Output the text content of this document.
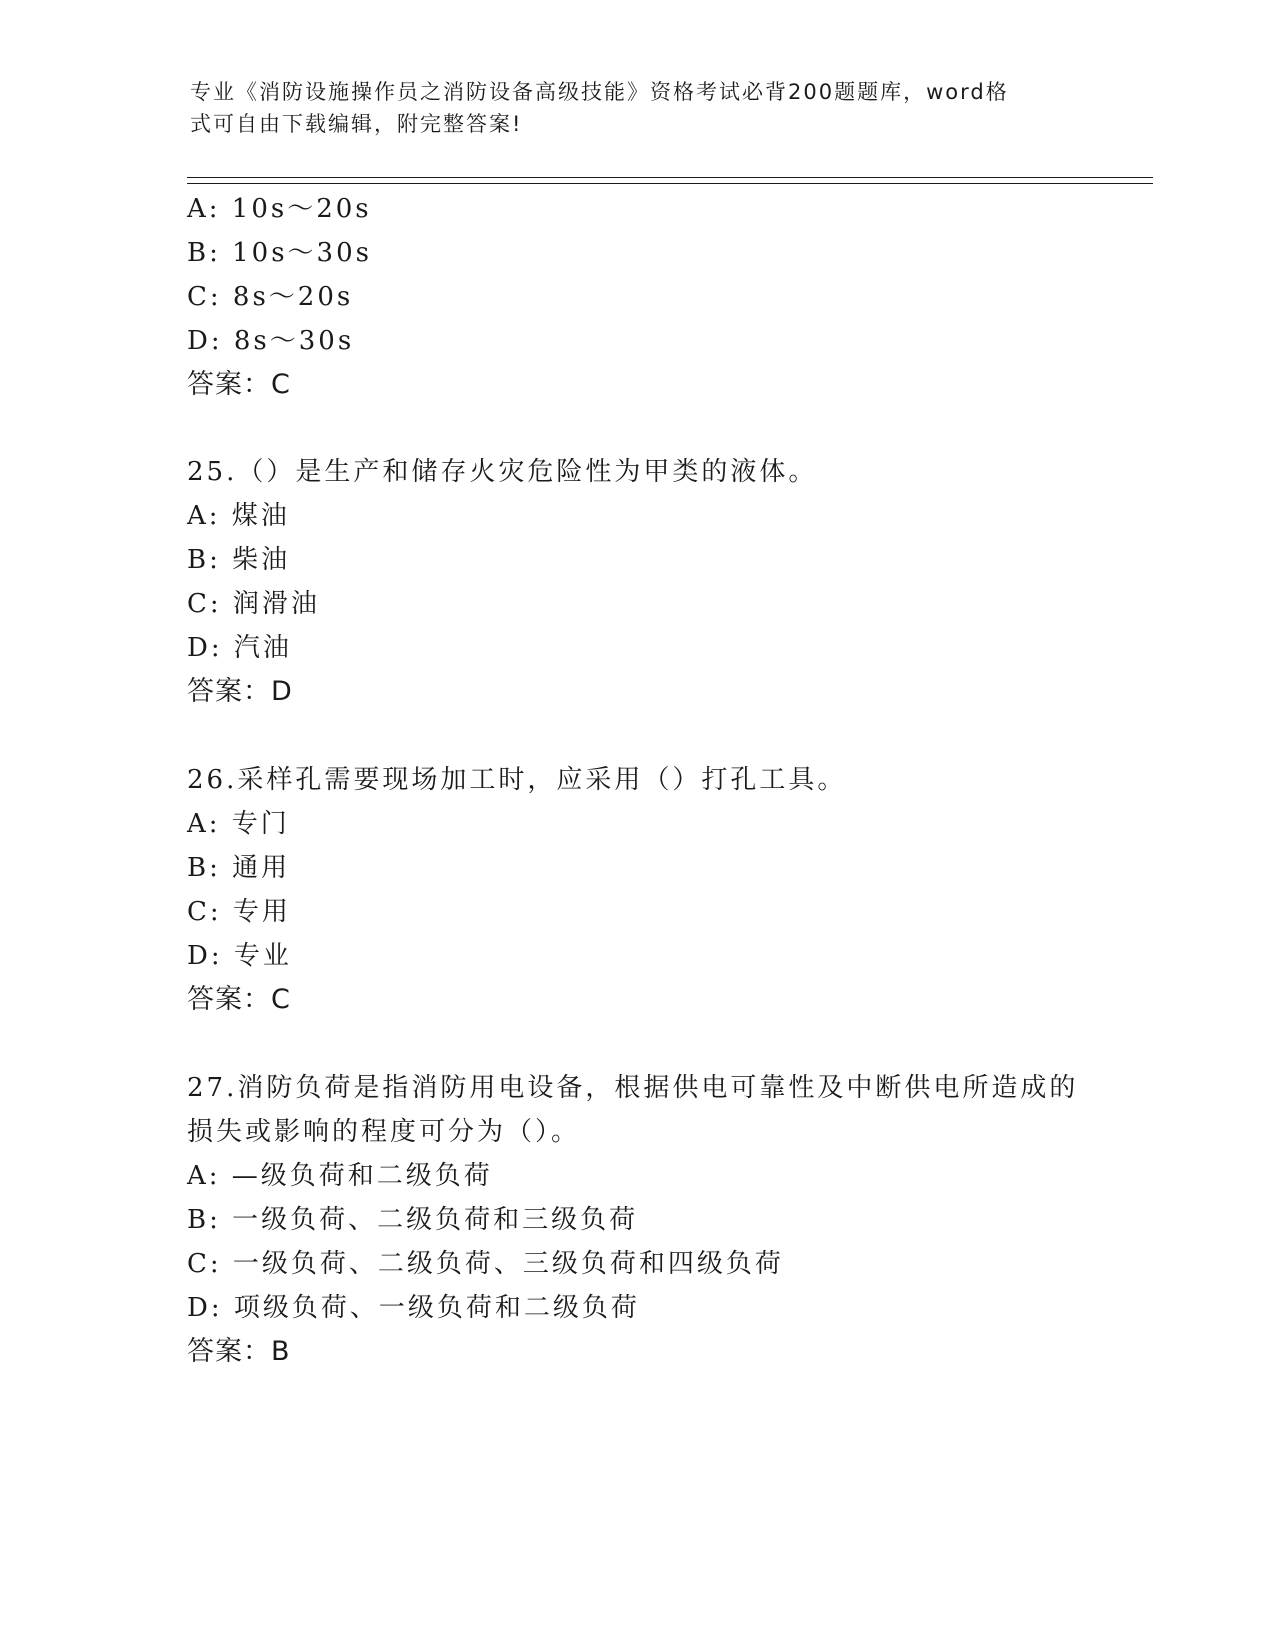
专业《消防设施操作员之消防设备高级技能》资格考试必背200题题库，word格
式可自由下载编辑，附完整答案!
A: 10s～20s
B: 10s～30s
C: 8s～20s
D: 8s～30s
答案：C
25.（）是生产和储存火灾危险性为甲类的液体。
A: 煤油
B: 柴油
C: 润滑油
D: 汽油
答案：D
26.采样孔需要现场加工时，应采用（）打孔工具。
A: 专门
B: 通用
C: 专用
D: 专业
答案：C
27.消防负荷是指消防用电设备，根据供电可靠性及中断供电所造成的
损失或影响的程度可分为（）。
A: —级负荷和二级负荷
B: 一级负荷、二级负荷和三级负荷
C: 一级负荷、二级负荷、三级负荷和四级负荷
D: 项级负荷、一级负荷和二级负荷
答案：B
